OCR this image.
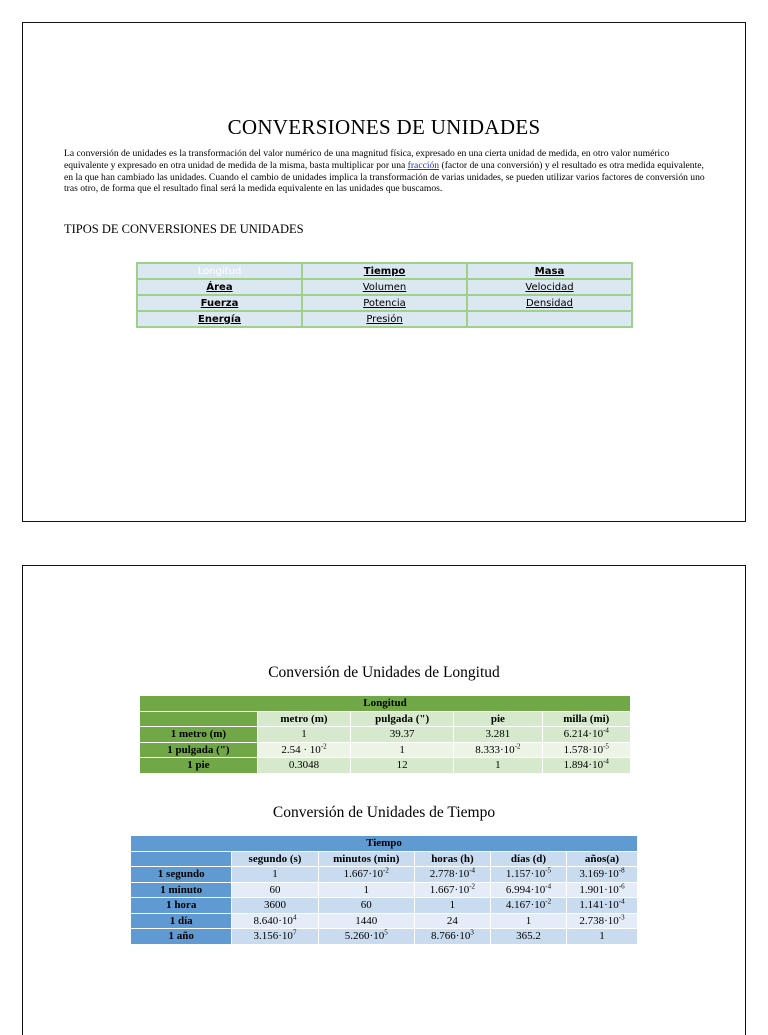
CONVERSIONES DE UNIDADES
La conversión de unidades es la transformación del valor numérico de una magnitud física, expresado en una cierta unidad de medida, en otro valor numérico equivalente y expresado en otra unidad de medida de la misma, basta multiplicar por una fracción (factor de una conversión) y el resultado es otra medida equivalente, en la que han cambiado las unidades. Cuando el cambio de unidades implica la transformación de varias unidades, se pueden utilizar varios factores de conversión uno tras otro, de forma que el resultado final será la medida equivalente en las unidades que buscamos.
TIPOS DE CONVERSIONES DE UNIDADES
Longitud	Tiempo	Masa
Área	Volumen	Velocidad
Fuerza	Potencia	Densidad
Energía	Presión	
Conversión de Unidades de Longitud
Longitud				
	metro (m)	pulgada (")	pie	milla (mi)
1 metro (m)	1	39.37	3.281	$6.214\cdot 10^{-4}$
1 pulgada (")	$2.54 \cdot 10^{-2}$	1	$8.333\cdot 10^{-2}$	$1.578\cdot 10^{-5}$
1 pie	0.3048	12	1	$1.894\cdot 10^{-4}$
Conversión de Unidades de Tiempo
Tiempo					
	segundo (s)	minutos (min)	horas (h)	días (d)	años(a)
1 segundo	1	$1.667\cdot 10^{-2}$	$2.778\cdot 10^{-4}$	$1.157\cdot 10^{-5}$	$3.169\cdot 10^{-8}$
1 minuto	60	1	$1.667\cdot 10^{-2}$	$6.994\cdot 10^{-4}$	$1.901\cdot 10^{-6}$
1 hora	3600	60	1	$4.167\cdot 10^{-2}$	$1.141\cdot 10^{-4}$
1 día	$8.640\cdot 10^4$	1440	24	1	$2.738\cdot 10^{-3}$
1 año	$3.156\cdot 10^7$	$5.260\cdot 10^5$	$8.766\cdot 10^3$	365.2	1
